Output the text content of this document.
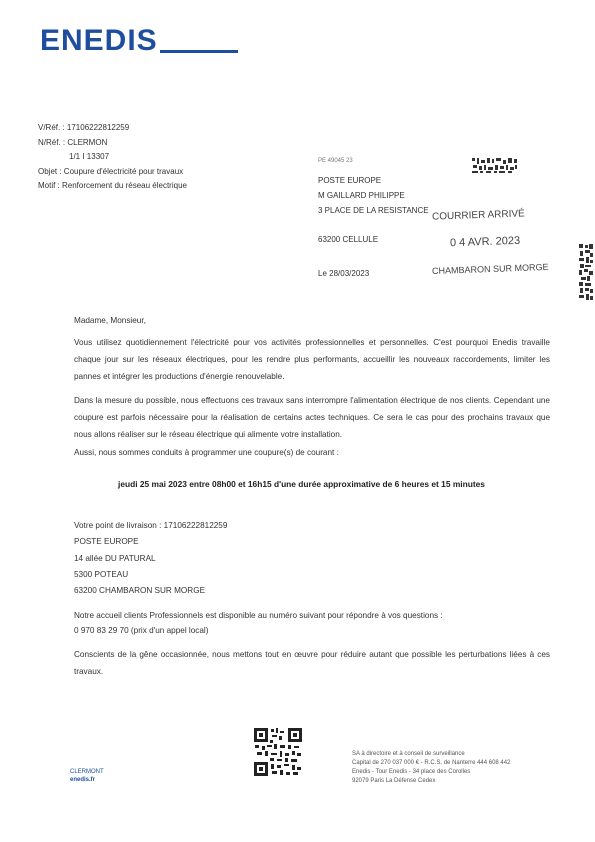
ENEDIS
V/Réf. : 17106222812259
N/Réf. : CLERMON
1/1 I 13307
Objet : Coupure d'électricité pour travaux
Motif : Renforcement du réseau électrique
PE 49045 23
POSTE EUROPE
M GAILLARD PHILIPPE
3 PLACE DE LA RESISTANCE
63200 CELLULE
Le 28/03/2023
COURRIER ARRIVÉ
0 4 AVR. 2023
CHAMBARON SUR MORGE
Madame, Monsieur,
Vous utilisez quotidiennement l'électricité pour vos activités professionnelles et personnelles. C'est pourquoi Enedis travaille chaque jour sur les réseaux électriques, pour les rendre plus performants, accueillir les nouveaux raccordements, limiter les pannes et intégrer les productions d'énergie renouvelable.
Dans la mesure du possible, nous effectuons ces travaux sans interrompre l'alimentation électrique de nos clients. Cependant une coupure est parfois nécessaire pour la réalisation de certains actes techniques. Ce sera le cas pour des prochains travaux que nous allons réaliser sur le réseau électrique qui alimente votre installation.
Aussi, nous sommes conduits à programmer une coupure(s) de courant :
jeudi 25 mai 2023 entre 08h00 et 16h15 d'une durée approximative de 6 heures et 15 minutes
Votre point de livraison : 17106222812259
POSTE EUROPE
14 allée DU PATURAL
5300 POTEAU
63200 CHAMBARON SUR MORGE
Notre accueil clients Professionnels est disponible au numéro suivant pour répondre à vos questions :
0 970 83 29 70 (prix d'un appel local)
Conscients de la gêne occasionnée, nous mettons tout en œuvre pour réduire autant que possible les perturbations liées à ces travaux.
CLERMONT
enedis.fr
SA à directoire et à conseil de surveillance
Capital de 270 037 000 € - R.C.S. de Nanterre 444 608 442
Enedis - Tour Enedis - 34 place des Corolles
92079 Paris La Défense Cedex
